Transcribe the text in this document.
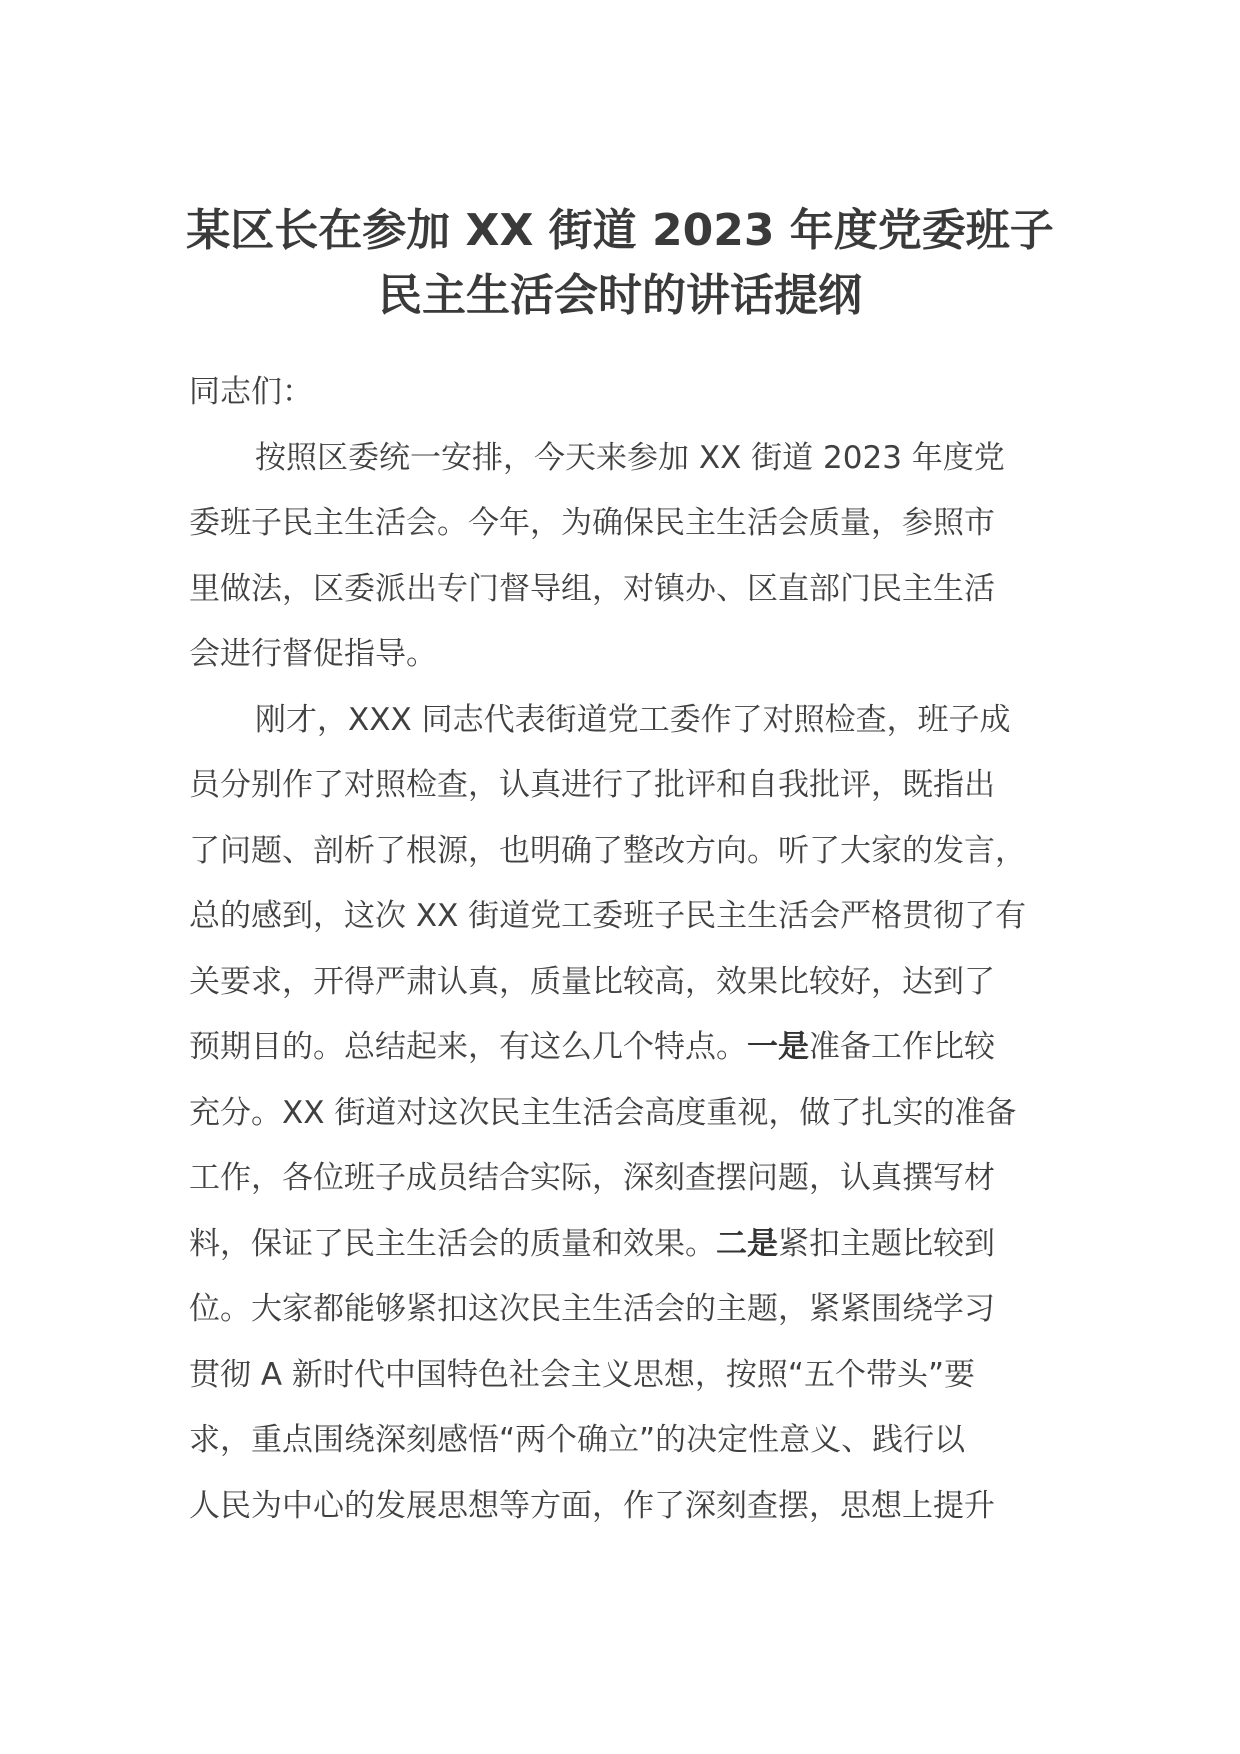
某区长在参加 XX 街道 2023 年度党委班子
民主生活会时的讲话提纲

同志们：

按照区委统一安排，今天来参加 XX 街道 2023 年度党
委班子民主生活会。今年，为确保民主生活会质量，参照市
里做法，区委派出专门督导组，对镇办、区直部门民主生活
会进行督促指导。

刚才，XXX 同志代表街道党工委作了对照检查，班子成
员分别作了对照检查，认真进行了批评和自我批评，既指出
了问题、剖析了根源，也明确了整改方向。听了大家的发言，
总的感到，这次 XX 街道党工委班子民主生活会严格贯彻了有
关要求，开得严肃认真，质量比较高，效果比较好，达到了
预期目的。总结起来，有这么几个特点。一是准备工作比较
充分。XX 街道对这次民主生活会高度重视，做了扎实的准备
工作，各位班子成员结合实际，深刻查摆问题，认真撰写材
料，保证了民主生活会的质量和效果。二是紧扣主题比较到
位。大家都能够紧扣这次民主生活会的主题，紧紧围绕学习
贯彻 A 新时代中国特色社会主义思想，按照“五个带头”要
求，重点围绕深刻感悟“两个确立”的决定性意义、践行以
人民为中心的发展思想等方面，作了深刻查摆，思想上提升
